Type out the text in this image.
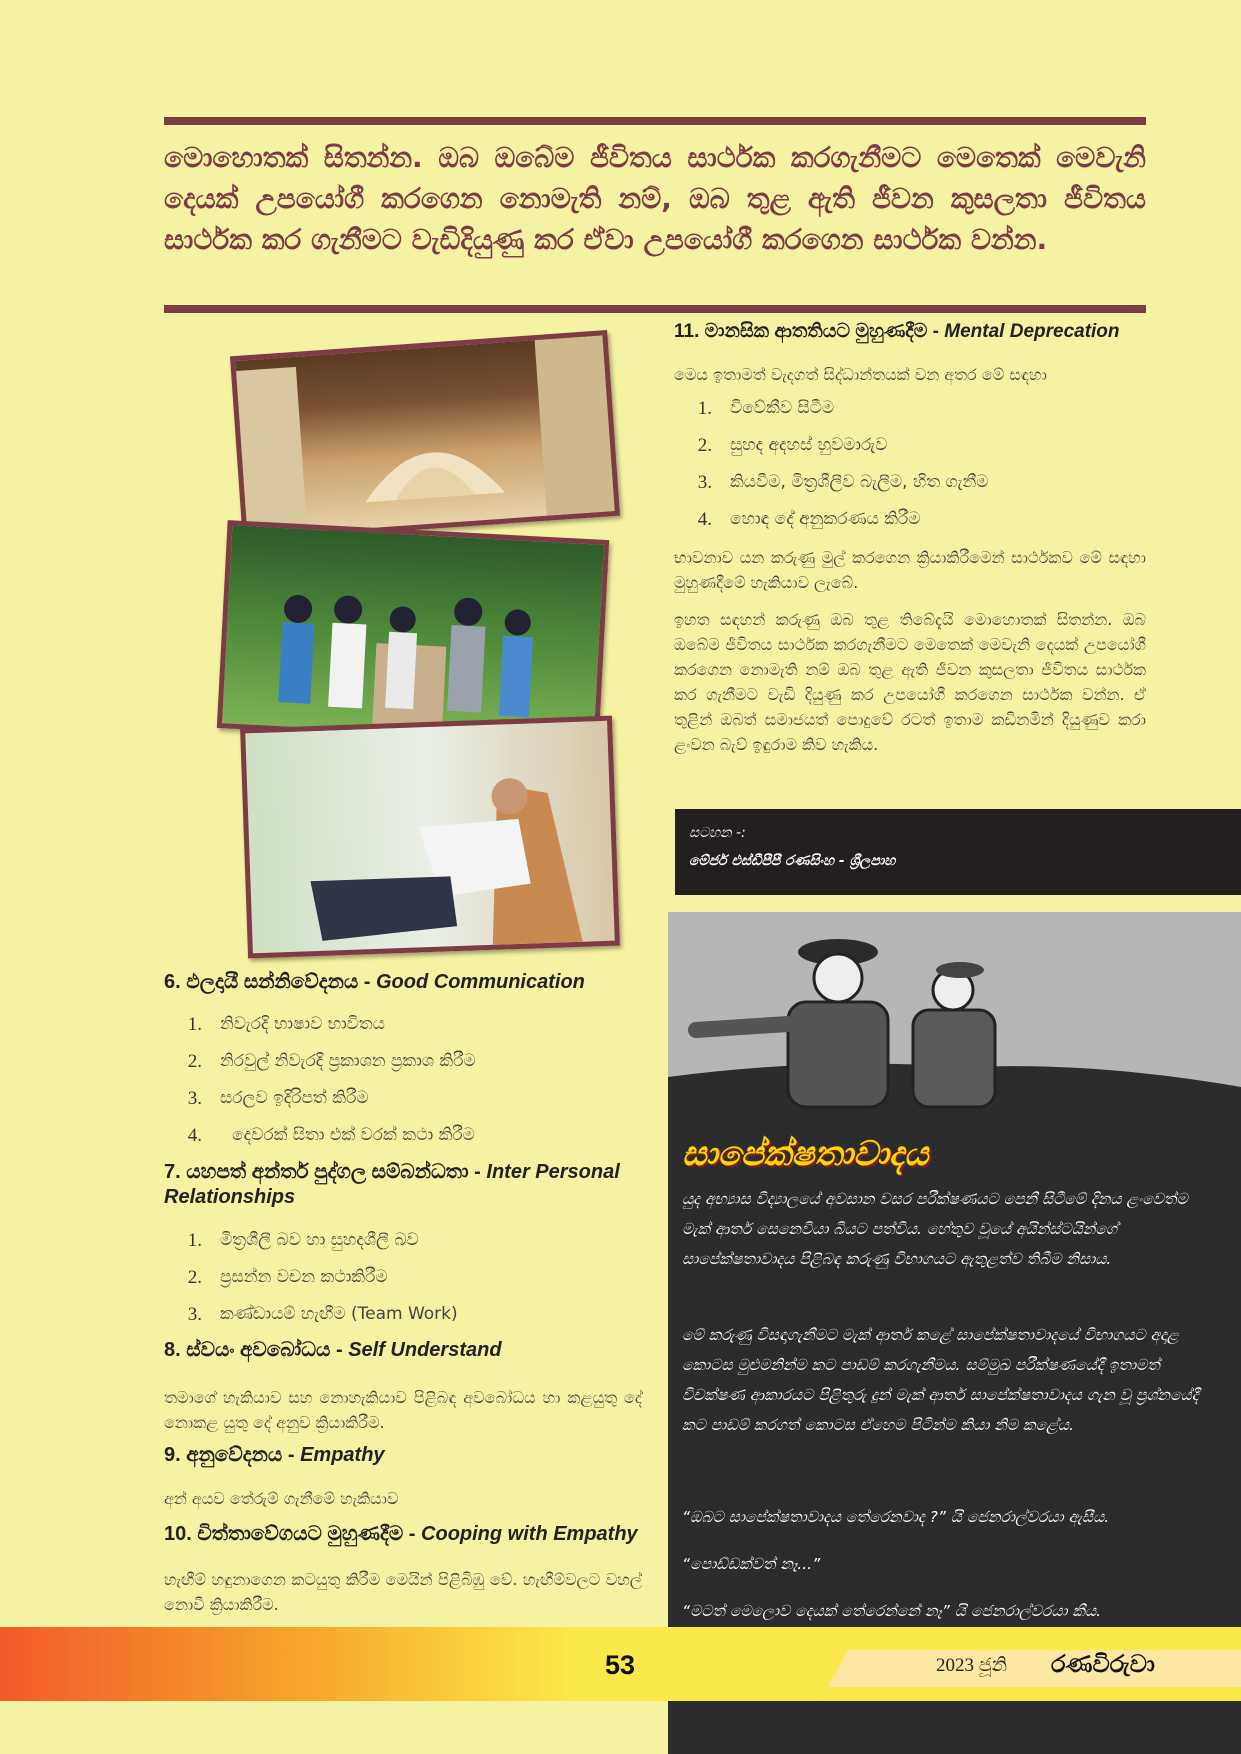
මොහොතක් සිතන්න. ඔබ ඔබේම ජීවිතය සාර්ථක කරගැනීමට මෙතෙක් මෙවැනි දෙයක් උපයෝගී කරගෙන නොමැති නම්, ඔබ තුළ ඇති ජීවන කුසලතා ජීවිතය සාර්ථක කර ගැනීමට වැඩිදියුණු කර ඒවා උපයෝගී කරගෙන සාර්ථක වන්න.

6. ඵලදායී සන්නිවේදනය - Good Communication
1.	නිවැරදි භාෂාව භාවිතය
2.	නිරවුල් නිවැරදි ප්‍රකාශන ප්‍රකාශ කිරීම
3.	සරලව ඉදිරිපත් කිරීම
4.	දෙවරක් සිතා එක් වරක් කථා කිරීම
7. යහපත් අන්තර් පුද්ගල සම්බන්ධතා - Inter Personal Relationships
1.	මිත්‍රශීලී බව හා සුහදශීලී බව
2.	ප්‍රසන්න වචන කථාකිරීම
3.	කණ්ඩායම් හැඟීම (Team Work)
8. ස්වයං අවබෝධය - Self Understand

තමාගේ හැකියාව සහ නොහැකියාව පිළිබඳ අවබෝධය හා කළයුතු දේ නොකළ යුතු දේ අනුව ක්‍රියාකිරීම.

9. අනුවේදනය - Empathy

අන් අයව තේරුම් ගැනීමේ හැකියාව

10. චිත්තාවේගයට මුහුණදීම - Cooping with Empathy

හැඟීම් හඳුනාගෙන කටයුතු කිරීම මෙයින් පිළිබිඹු වේ. හැඟීම්වලට වහල් නොවී ක්‍රියාකිරීම.

11. මානසික ආතතියට මුහුණදීම - Mental Deprecation

මෙය ඉතාමත් වැදගත් සිද්ධාන්තයක් වන අතර මේ සඳහා

1.	විවේකීව සිටීම
2.	සුහද අදහස් හුවමාරුව
3.	කියවීම, මිත්‍රශීලීව බැලීම, හිත ගැනීම
4.	හොඳ දේ අනුකරණය කිරීම

භාවනාව යන කරුණු මුල් කරගෙන ක්‍රියාකිරීමෙන් සාර්ථකව මේ සඳහා මුහුණදීමේ හැකියාව ලැබේ.

ඉහත සඳහන් කරුණු ඔබ තුළ තිබේදැයි මොහොතක් සිතන්න. ඔබ ඔබේම ජීවිතය සාර්ථක කරගැනීමට මෙතෙක් මෙවැනි දෙයක් උපයෝගී කරගෙන නොමැති නම් ඔබ තුළ ඇති ජීවන කුසලතා ජීවිතය සාර්ථක කර ගැනීමට වැඩි දියුණු කර උපයෝගී කරගෙන සාර්ථක වන්න. ඒ තුළින් ඔබත් සමාජයත් පොදුවේ රටත් ඉතාම කඩිනමින් දියුණුව කරා ළංවන බැව් ඉඳුරාම කිව හැකිය.

සටහන -:
මේජර් එස්ඩීපීපී රණසිංහ - ශ්‍රීලපාහ
සාපේක්ෂතාවාදය

යුද අභ්‍යාස විද්‍යාලයේ අවසාන වසර පරීක්ෂණයට පෙනී සිටීමේ දිනය ළංවෙත්ම මැක් ආතර් සෙනෙවියා බියට පත්විය. හේතුව වූයේ අයින්ස්ටයින්ගේ සාපේක්ෂතාවාදය පිළිබඳ කරුණු විභාගයට ඇතුළත්ව තිබීම නිසාය.

මේ කරුණු විසඳාගැනීමට මැක් ආතර් කළේ සාපේක්ෂතාවාදයේ විභාගයට අදාළ කොටස මුළුමනින්ම කට පාඩම් කරගැනීමය. සම්මුඛ පරීක්ෂණයේදී ඉතාමත් විචක්ෂණ ආකාරයට පිළිතුරු දුන් මැක් ආතර් සාපේක්ෂතාවාදය ගැන වූ ප්‍රශ්නයේදී කට පාඩම් කරගත් කොටස ඒහෙම පිටින්ම කියා නිම කළේය.

“ඔබට සාපේක්ෂතාවාදය තේරෙනවාද ?” යි ජෙනරාල්වරයා ඇසීය.

“පොඩ්ඩක්වත් නෑ...”

“මටත් මෙලොව දෙයක් තේරෙන්නේ නෑ” යි ජෙනරාල්වරයා කීය.

2023 ජූනි රණවිරුවා
53
